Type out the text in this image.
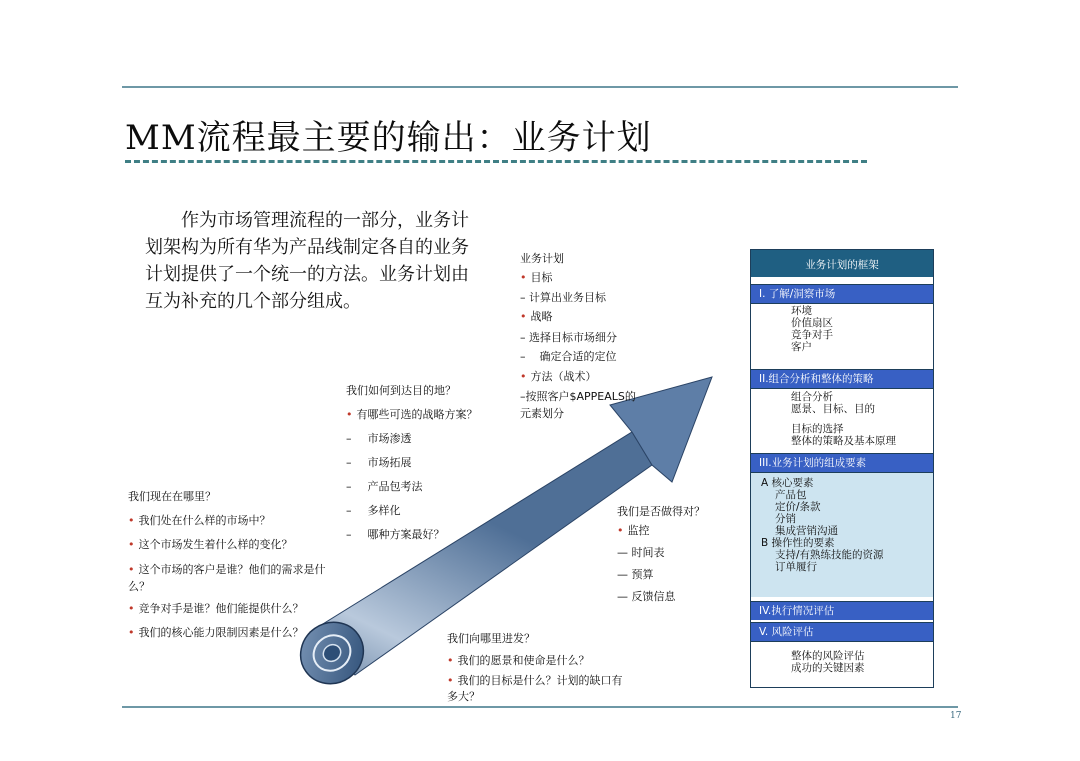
MM流程最主要的输出：业务计划

作为市场管理流程的一部分，业务计划架构为所有华为产品线制定各自的业务计划提供了一个统一的方法。业务计划由互为补充的几个部分组成。

我们现在在哪里？
• 我们处在什么样的市场中？
• 这个市场发生着什么样的变化？
• 这个市场的客户是谁？他们的需求是什么？
• 竞争对手是谁？他们能提供什么？
• 我们的核心能力限制因素是什么？
我们如何到达目的地？
• 有哪些可选的战略方案？
– 市场渗透
– 市场拓展
– 产品包考法
– 多样化
– 哪种方案最好？
业务计划
• 目标
– 计算出业务目标
• 战略
– 选择目标市场细分
–    确定合适的定位
• 方法（战术）
–按照客户$APPEALS的
元素划分
我们是否做得对？
• 监控
— 时间表
— 预算
— 反馈信息
我们向哪里进发？
• 我们的愿景和使命是什么？
• 我们的目标是什么？计划的缺口有多大？
业务计划的框架
I. 了解/洞察市场
环境
价值扇区
竞争对手
客户
II.组合分析和整体的策略
组合分析
愿景、目标、目的
目标的选择
整体的策略及基本原理
III.业务计划的组成要素
A 核心要素
产品包
定价/条款
分销
集成营销沟通
B 操作性的要素
支持/有熟练技能的资源
订单履行
IV.执行情况评估
V. 风险评估
整体的风险评估
成功的关键因素
17
